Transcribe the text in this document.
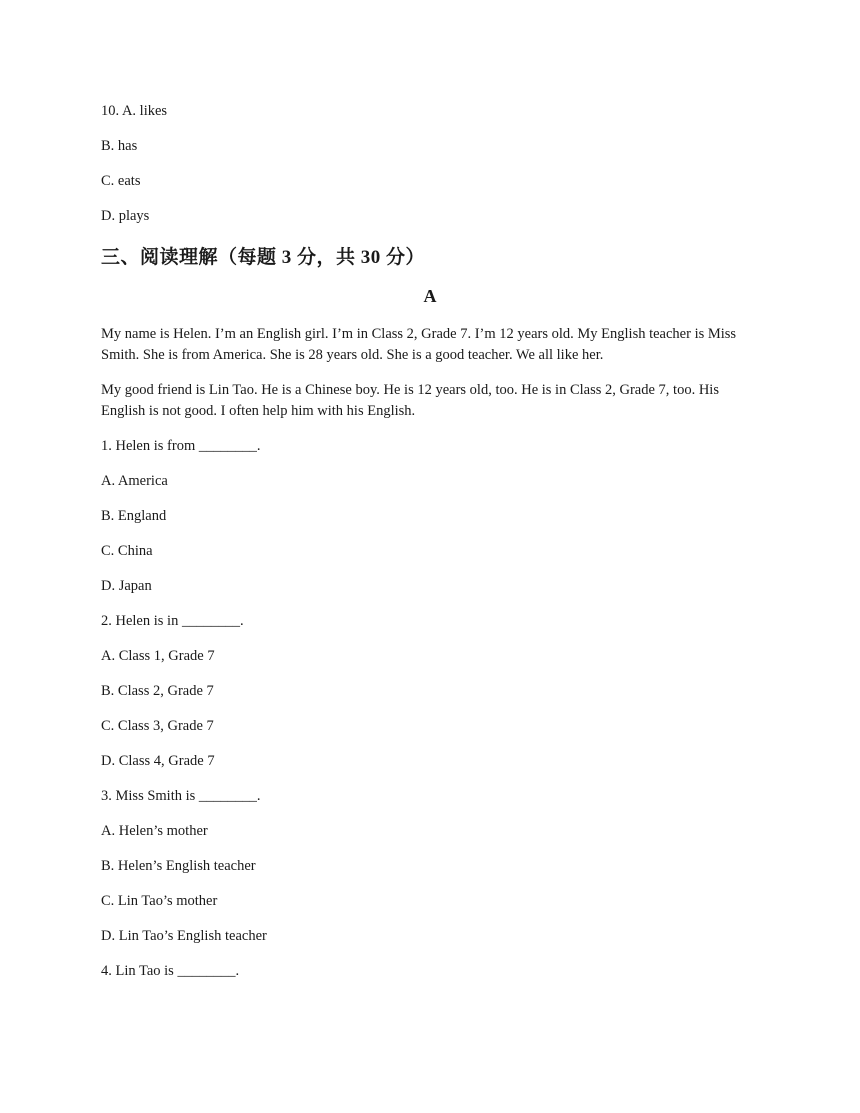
10. A. likes
B. has
C. eats
D. plays
三、阅读理解（每题 3 分，共 30 分）
A
My name is Helen. I’m an English girl. I’m in Class 2, Grade 7. I’m 12 years old. My English teacher is Miss Smith. She is from America. She is 28 years old. She is a good teacher. We all like her.
My good friend is Lin Tao. He is a Chinese boy. He is 12 years old, too. He is in Class 2, Grade 7, too. His English is not good. I often help him with his English.
1. Helen is from ________.
A. America
B. England
C. China
D. Japan
2. Helen is in ________.
A. Class 1, Grade 7
B. Class 2, Grade 7
C. Class 3, Grade 7
D. Class 4, Grade 7
3. Miss Smith is ________.
A. Helen’s mother
B. Helen’s English teacher
C. Lin Tao’s mother
D. Lin Tao’s English teacher
4. Lin Tao is ________.
